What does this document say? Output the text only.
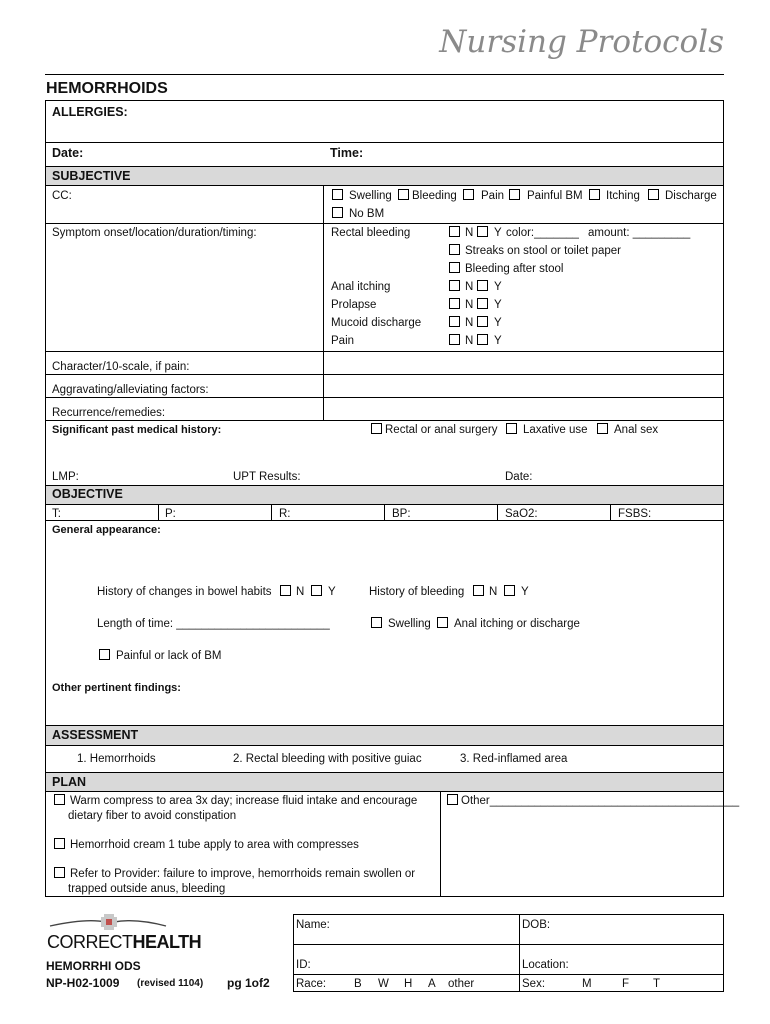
Nursing Protocols
HEMORRHOIDS
ALLERGIES:
Date:	Time:
SUBJECTIVE
CC:	Swelling Bleeding Pain Painful BM Itching Discharge
No BM
Symptom onset/location/duration/timing:	Rectal bleeding	N Y color:_______ amount: _________
Streaks on stool or toilet paper
Bleeding after stool
Anal itching	N Y
Prolapse	N Y
Mucoid discharge	N Y
Pain	N Y
Character/10-scale, if pain:
Aggravating/alleviating factors:
Recurrence/remedies:
Significant past medical history:	Rectal or anal surgery Laxative use Anal sex
LMP:	UPT Results:	Date:
OBJECTIVE
T:	P:	R:	BP:	SaO2:	FSBS:
General appearance:
History of changes in bowel habits N Y	History of bleeding N Y
Length of time: ________________________	Swelling Anal itching or discharge
Painful or lack of BM
Other pertinent findings:
ASSESSMENT
1. Hemorrhoids	2. Rectal bleeding with positive guiac	3. Red-inflamed area
PLAN
Warm compress to area 3x day; increase fluid intake and encourage
dietary fiber to avoid constipation
Hemorrhoid cream 1 tube apply to area with compresses
Refer to Provider: failure to improve, hemorrhoids remain swollen or
trapped outside anus, bleeding
Other_______________________________________
CORRECTHEALTH
HEMORRHI ODS
NP-H02-1009 (revised 1104) pg 1of2
Name:	DOB:
ID:	Location:
Race: B W H A other	Sex:	M	F T
